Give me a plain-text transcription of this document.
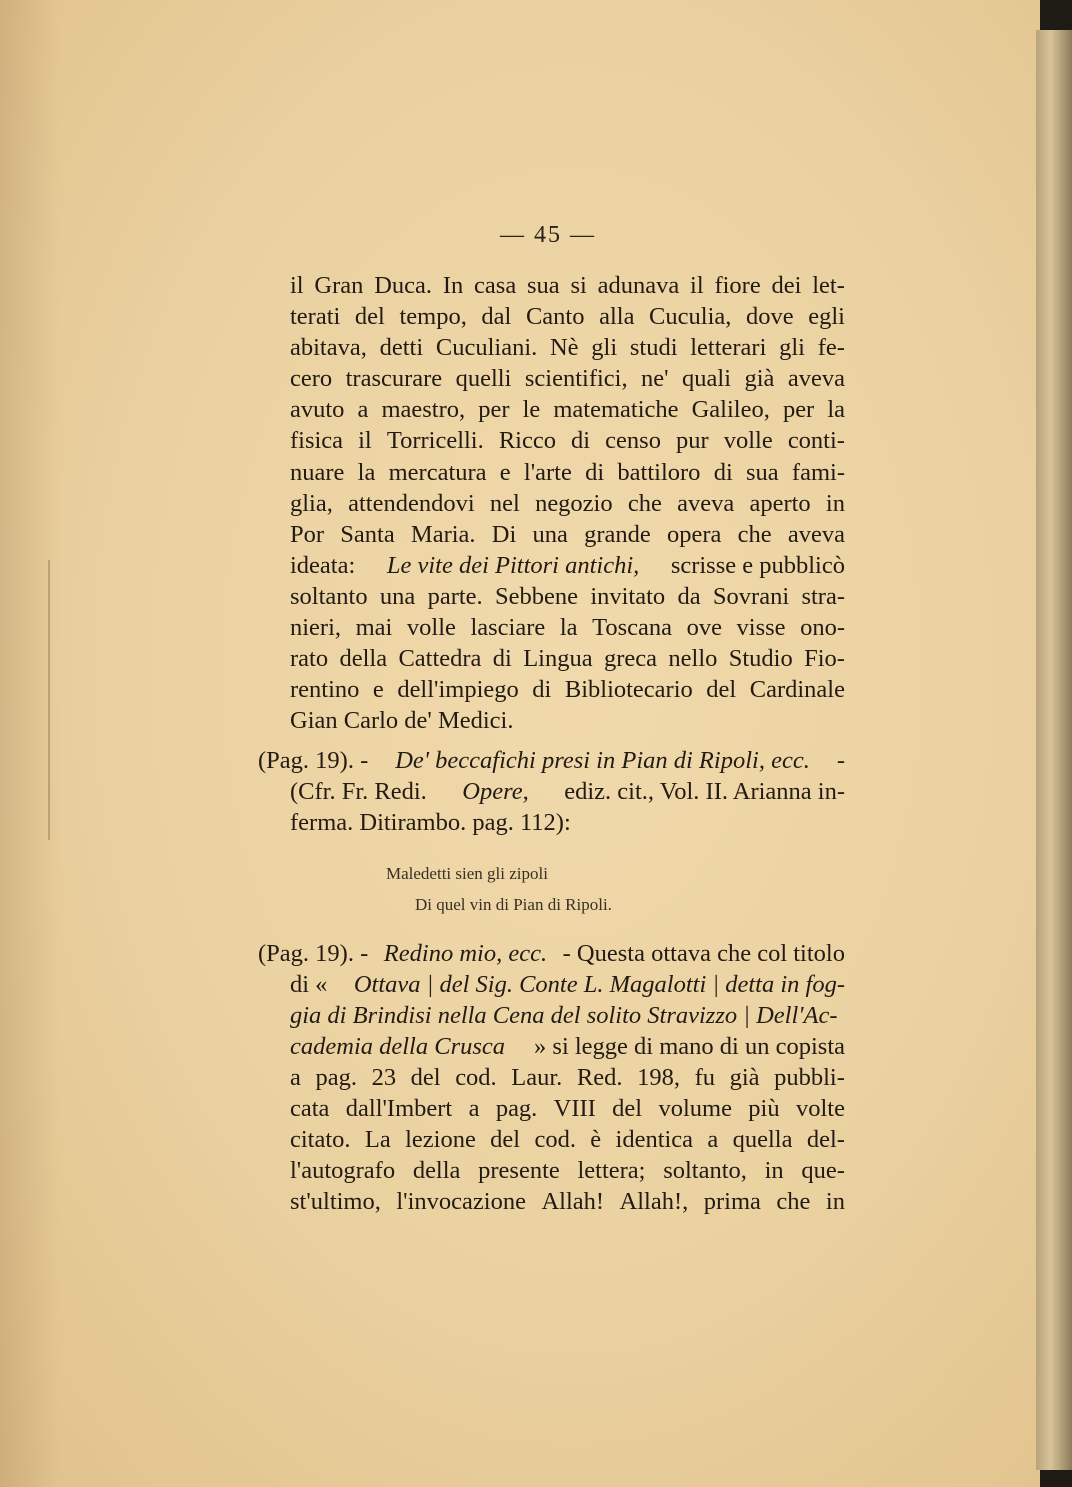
— 45 —
il Gran Duca. In casa sua si adunava il fiore dei let-
terati del tempo, dal Canto alla Cuculia, dove egli
abitava, detti Cuculiani. Nè gli studi letterari gli fe-
cero trascurare quelli scientifici, ne' quali già aveva
avuto a maestro, per le matematiche Galileo, per la
fisica il Torricelli. Ricco di censo pur volle conti-
nuare la mercatura e l'arte di battiloro di sua fami-
glia, attendendovi nel negozio che aveva aperto in
Por Santa Maria. Di una grande opera che aveva
ideata: Le vite dei Pittori antichi, scrisse e pubblicò
soltanto una parte. Sebbene invitato da Sovrani stra-
nieri, mai volle lasciare la Toscana ove visse ono-
rato della Cattedra di Lingua greca nello Studio Fio-
rentino e dell'impiego di Bibliotecario del Cardinale
Gian Carlo de' Medici.
(Pag. 19). - De' beccafichi presi in Pian di Ripoli, ecc. -
(Cfr. Fr. Redi. Opere, ediz. cit., Vol. II. Arianna in-
ferma. Ditirambo. pag. 112):
Maledetti sien gli zipoli
Di quel vin di Pian di Ripoli.
(Pag. 19). - Redino mio, ecc. - Questa ottava che col titolo
di « Ottava | del Sig. Conte L. Magalotti | detta in fog-
gia di Brindisi nella Cena del solito Stravizzo | Dell'Ac-
cademia della Crusca » si legge di mano di un copista
a pag. 23 del cod. Laur. Red. 198, fu già pubbli-
cata dall'Imbert a pag. VIII del volume più volte
citato. La lezione del cod. è identica a quella del-
l'autografo della presente lettera; soltanto, in que-
st'ultimo, l'invocazione Allah! Allah!, prima che in
